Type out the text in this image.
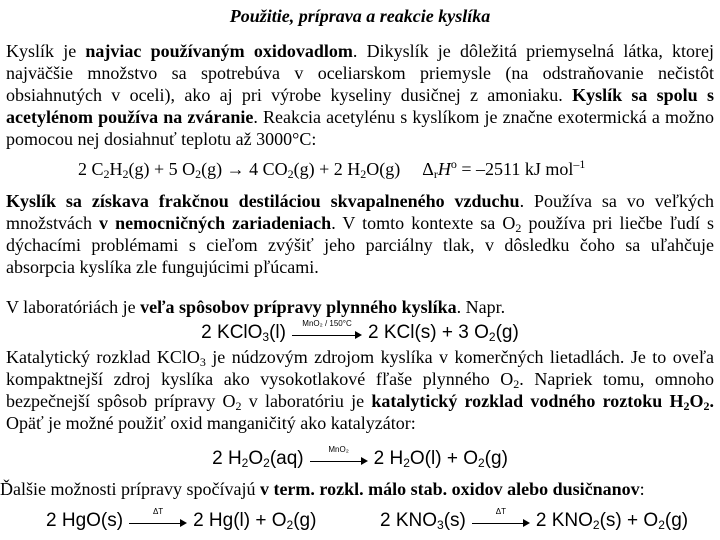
Použitie, príprava a reakcie kyslíka
Kyslík je najviac používaným oxidovadlom. Dikyslík je dôležitá priemyselná látka, ktorej najväčšie množstvo sa spotrebúva v oceliarskom priemysle (na odstraňovanie nečistôt obsiahnutých v oceli), ako aj pri výrobe kyseliny dusičnej z amoniaku. Kyslík sa spolu s acetylénom používa na zváranie. Reakcia acetylénu s kyslíkom je značne exotermická a možno pomocou nej dosiahnuť teplotu až 3000°C:
2 $C_2H_2(g) + 5$ $O_2(g) \to 4$ $CO_2(g) + 2$ $H_2O(g) \Delta_rH^o = -2511$ kJ mol$^{-1}$
Kyslík sa získava frakčnou destiláciou skvapalneného vzduchu. Používa sa vo veľkých množstvách v nemocničných zariadeniach. V tomto kontexte sa $O_2$ používa pri liečbe ľudí s dýchacími problémami s cieľom zvýšiť jeho parciálny tlak, v dôsledku čoho sa uľahčuje absorpcia kyslíka zle fungujúcimi pľúcami.
V laboratóriách je veľa spôsobov prípravy plynného kyslíka. Napr.
2 KClO$_3$(l)	MnO₂ / 150°C 2 KCl(s) + 3 $O_2(g)$
Katalytický rozklad KClO$_3$ je núdzovým zdrojom kyslíka v komerčných lietadlách. Je to oveľa kompaktnejší zdroj kyslíka ako vysokotlakové fľaše plynného $O_2$. Napriek tomu, omnoho bezpečnejší spôsob prípravy $O_2$ v laboratóriu je katalytický rozklad vodného roztoku $H_2O_2$. Opäť je možné použiť oxid manganičitý ako katalyzátor:
2 $H_2O_2(aq)$	MnO₂	2 $H_2O(l) + O_2(g)$
Ďalšie možnosti prípravy spočívajú v term. rozkl. málo stab. oxidov alebo dusičnanov:
2 HgO(s)	ΔT	2 $Hg(l) + O_2(g)$	2 $KNO_3(s)$	ΔT	2 $KNO_2(s) + O_2(g)$
